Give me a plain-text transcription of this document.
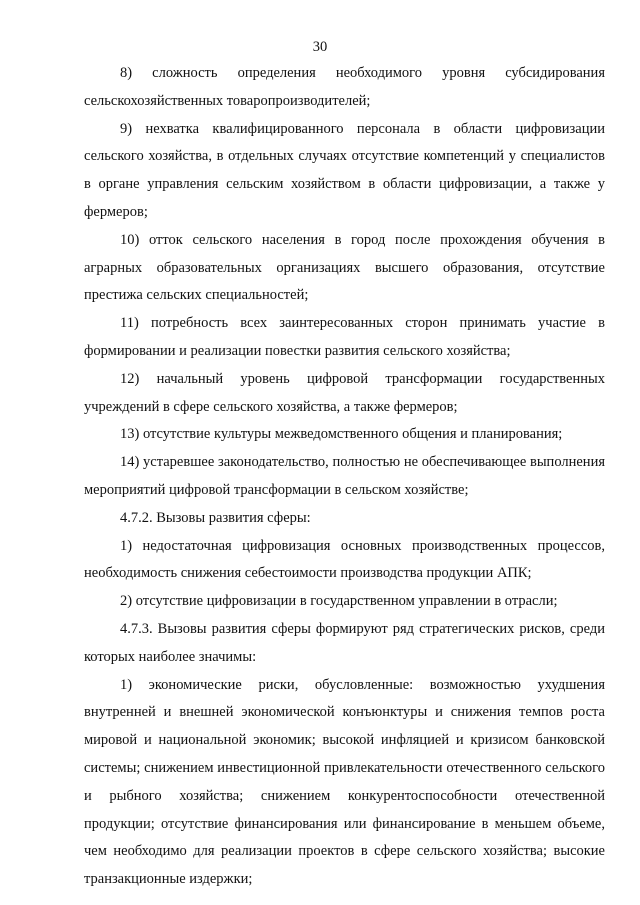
30

8) сложность определения необходимого уровня субсидирования сельскохозяйственных товаропроизводителей;

9) нехватка квалифицированного персонала в области цифровизации сельского хозяйства, в отдельных случаях отсутствие компетенций у специалистов в органе управления сельским хозяйством в области цифровизации, а также у фермеров;

10) отток сельского населения в город после прохождения обучения в аграрных образовательных организациях высшего образования, отсутствие престижа сельских специальностей;

11) потребность всех заинтересованных сторон принимать участие в формировании и реализации повестки развития сельского хозяйства;

12) начальный уровень цифровой трансформации государственных учреждений в сфере сельского хозяйства, а также фермеров;

13) отсутствие культуры межведомственного общения и планирования;

14) устаревшее законодательство, полностью не обеспечивающее выполнения мероприятий цифровой трансформации в сельском хозяйстве;

4.7.2. Вызовы развития сферы:

1) недостаточная цифровизация основных производственных процессов, необходимость снижения себестоимости производства продукции АПК;

2) отсутствие цифровизации в государственном управлении в отрасли;

4.7.3. Вызовы развития сферы формируют ряд стратегических рисков, среди которых наиболее значимы:

1) экономические риски, обусловленные: возможностью ухудшения внутренней и внешней экономической конъюнктуры и снижения темпов роста мировой и национальной экономик; высокой инфляцией и кризисом банковской системы; снижением инвестиционной привлекательности отечественного сельского и рыбного хозяйства; снижением конкурентоспособности отечественной продукции; отсутствие финансирования или финансирование в меньшем объеме, чем необходимо для реализации проектов в сфере сельского хозяйства; высокие транзакционные издержки;
